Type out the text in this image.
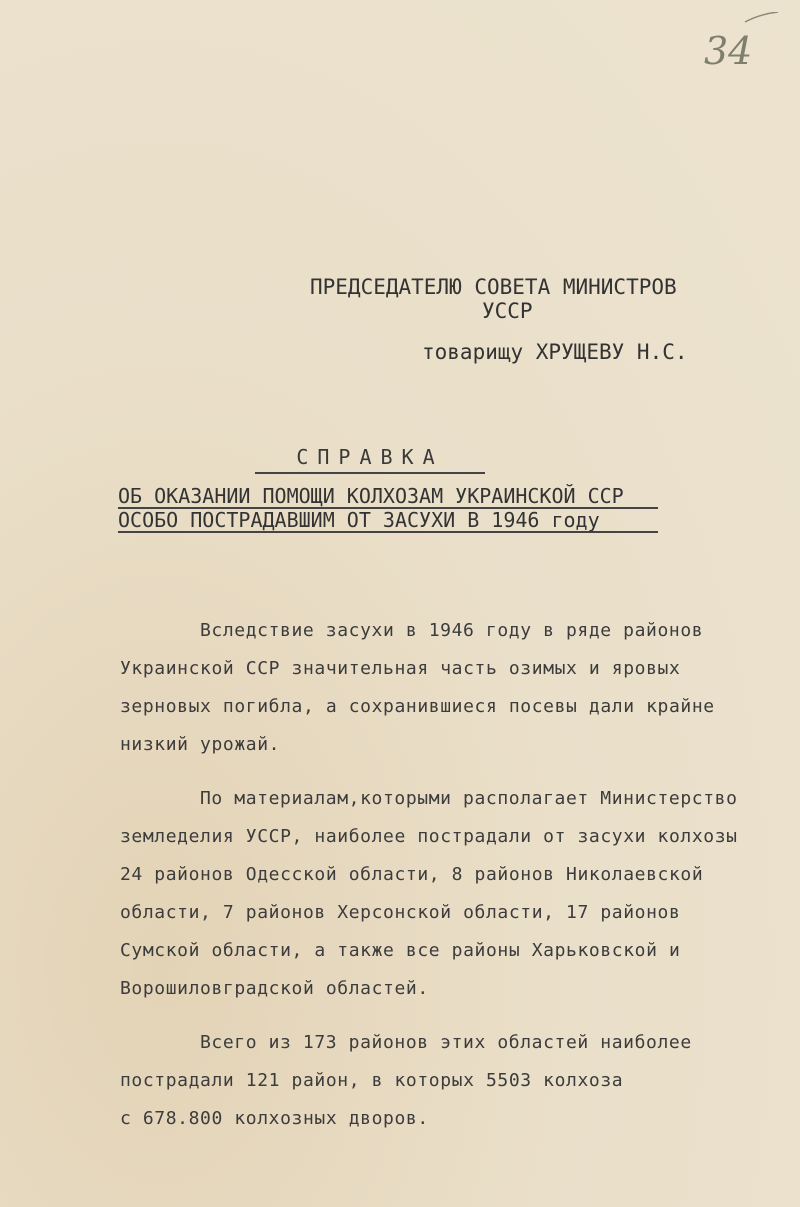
34
ПРЕДСЕДАТЕЛЮ СОВЕТА МИНИСТРОВ
УССР
товарищу ХРУЩЕВУ Н.С.
СПРАВКА
ОБ ОКАЗАНИИ ПОМОЩИ КОЛХОЗАМ УКРАИНСКОЙ ССР
ОСОБО ПОСТРАДАВШИМ ОТ ЗАСУХИ В 1946 году
Вследствие засухи в 1946 году в ряде районов
Украинской ССР значительная часть озимых и яровых
зерновых погибла, а сохранившиеся посевы дали крайне
низкий урожай.
По материалам,которыми располагает Министерство
земледелия УССР, наиболее пострадали от засухи колхозы
24 районов Одесской области, 8 районов Николаевской
области, 7 районов Херсонской области, 17 районов
Сумской области, а также все районы Харьковской и
Ворошиловградской областей.
Всего из 173 районов этих областей наиболее
пострадали 121 район, в которых 5503 колхоза
с 678.800 колхозных дворов.
